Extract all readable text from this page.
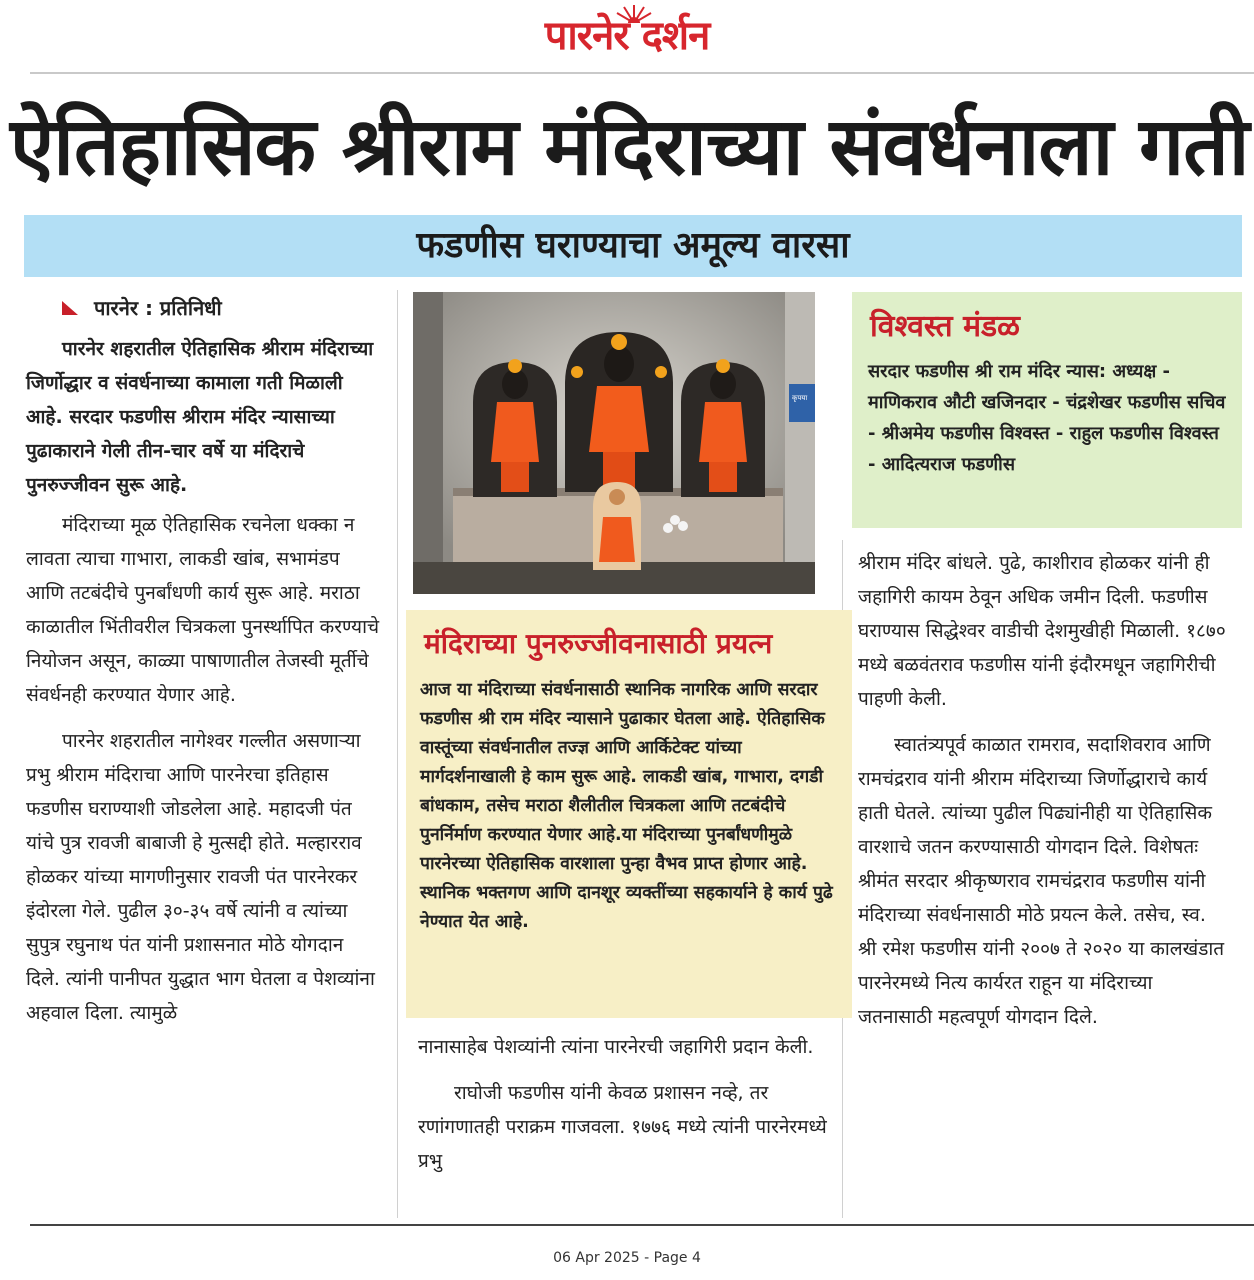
पारनेर दर्शन
ऐतिहासिक श्रीराम मंदिराच्या संवर्धनाला गती
फडणीस घराण्याचा अमूल्य वारसा
पारनेर : प्रतिनिधी

पारनेर शहरातील ऐतिहासिक श्रीराम मंदिराच्या जिर्णोद्धार व संवर्धनाच्या कामाला गती मिळाली आहे. सरदार फडणीस श्रीराम मंदिर न्यासाच्या पुढाकाराने गेली तीन-चार वर्षे या मंदिराचे पुनरुज्जीवन सुरू आहे.

मंदिराच्या मूळ ऐतिहासिक रचनेला धक्का न लावता त्याचा गाभारा, लाकडी खांब, सभामंडप आणि तटबंदीचे पुनर्बांधणी कार्य सुरू आहे. मराठा काळातील भिंतीवरील चित्रकला पुनर्स्थापित करण्याचे नियोजन असून, काळ्या पाषाणातील तेजस्वी मूर्तीचे संवर्धनही करण्यात येणार आहे.

पारनेर शहरातील नागेश्वर गल्लीत असणाऱ्या प्रभु श्रीराम मंदिराचा आणि पारनेरचा इतिहास फडणीस घराण्याशी जोडलेला आहे. महादजी पंत यांचे पुत्र रावजी बाबाजी हे मुत्सद्दी होते. मल्हारराव होळकर यांच्या मागणीनुसार रावजी पंत पारनेरकर इंदोरला गेले. पुढील ३०-३५ वर्षे त्यांनी व त्यांच्या सुपुत्र रघुनाथ पंत यांनी प्रशासनात मोठे योगदान दिले. त्यांनी पानीपत युद्धात भाग घेतला व पेशव्यांना अहवाल दिला. त्यामुळे

कृपया
विश्वस्त मंडळ
सरदार फडणीस श्री राम मंदिर न्यास: अध्यक्ष - माणिकराव औटी खजिनदार - चंद्रशेखर फडणीस सचिव - श्रीअमेय फडणीस विश्वस्त - राहुल फडणीस विश्वस्त - आदित्यराज फडणीस
मंदिराच्या पुनरुज्जीवनासाठी प्रयत्न
आज या मंदिराच्या संवर्धनासाठी स्थानिक नागरिक आणि सरदार फडणीस श्री राम मंदिर न्यासाने पुढाकार घेतला आहे. ऐतिहासिक वास्तूंच्या संवर्धनातील तज्ज्ञ आणि आर्किटेक्ट यांच्या मार्गदर्शनाखाली हे काम सुरू आहे. लाकडी खांब, गाभारा, दगडी बांधकाम, तसेच मराठा शैलीतील चित्रकला आणि तटबंदीचे पुनर्निर्माण करण्यात येणार आहे.या मंदिराच्या पुनर्बांधणीमुळे पारनेरच्या ऐतिहासिक वारशाला पुन्हा वैभव प्राप्त होणार आहे. स्थानिक भक्तगण आणि दानशूर व्यक्तींच्या सहकार्याने हे कार्य पुढे नेण्यात येत आहे.

नानासाहेब पेशव्यांनी त्यांना पारनेरची जहागिरी प्रदान केली.

राघोजी फडणीस यांनी केवळ प्रशासन नव्हे, तर रणांगणातही पराक्रम गाजवला. १७७६ मध्ये त्यांनी पारनेरमध्ये प्रभु

श्रीराम मंदिर बांधले. पुढे, काशीराव होळकर यांनी ही जहागिरी कायम ठेवून अधिक जमीन दिली. फडणीस घराण्यास सिद्धेश्वर वाडीची देशमुखीही मिळाली. १८७० मध्ये बळवंतराव फडणीस यांनी इंदौरमधून जहागिरीची पाहणी केली.

स्वातंत्र्यपूर्व काळात रामराव, सदाशिवराव आणि रामचंद्रराव यांनी श्रीराम मंदिराच्या जिर्णोद्धाराचे कार्य हाती घेतले. त्यांच्या पुढील पिढ्यांनीही या ऐतिहासिक वारशाचे जतन करण्यासाठी योगदान दिले. विशेषतः श्रीमंत सरदार श्रीकृष्णराव रामचंद्रराव फडणीस यांनी मंदिराच्या संवर्धनासाठी मोठे प्रयत्न केले. तसेच, स्व. श्री रमेश फडणीस यांनी २००७ ते २०२० या कालखंडात पारनेरमध्ये नित्य कार्यरत राहून या मंदिराच्या जतनासाठी महत्वपूर्ण योगदान दिले.

06 Apr 2025 - Page 4
